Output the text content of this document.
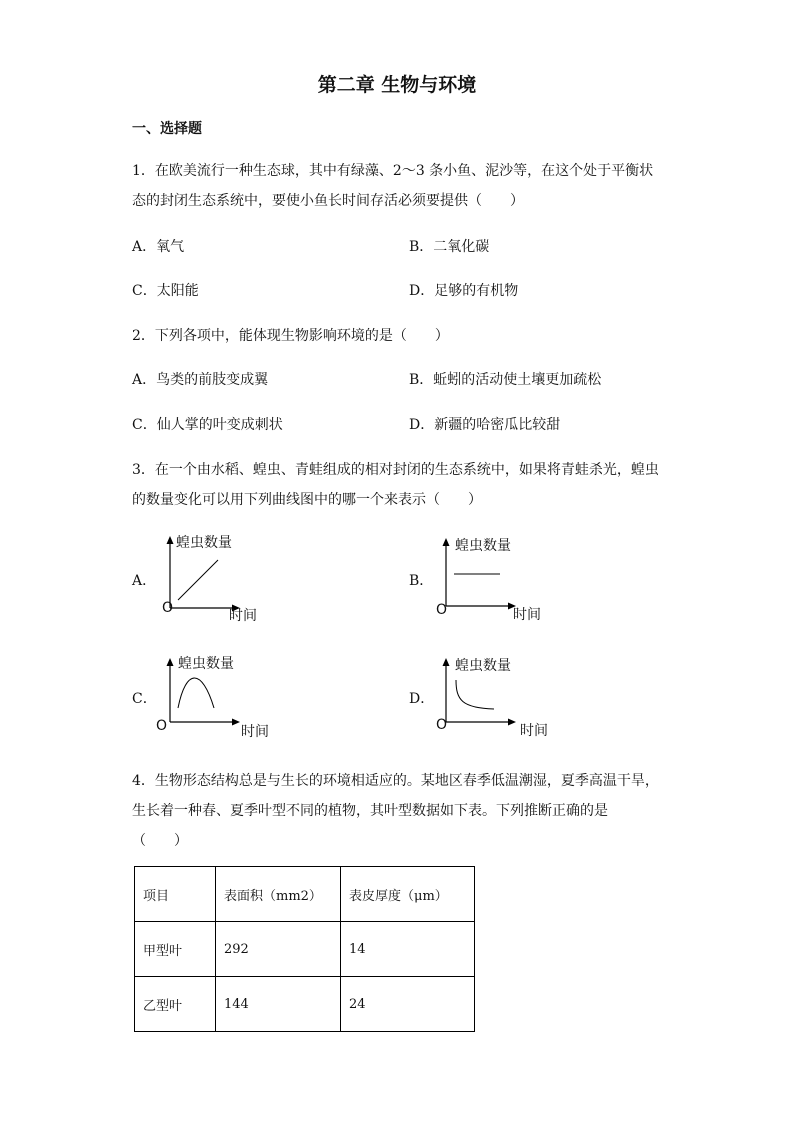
第二章 生物与环境
一、选择题
1．在欧美流行一种生态球，其中有绿藻、2～3 条小鱼、泥沙等，在这个处于平衡状
态的封闭生态系统中，要使小鱼长时间存活必须要提供（　　）
A．氧气	B．二氧化碳
C．太阳能	D．足够的有机物
2．下列各项中，能体现生物影响环境的是（　　）
A．鸟类的前肢变成翼	B．蚯蚓的活动使土壤更加疏松
C．仙人掌的叶变成刺状	D．新疆的哈密瓜比较甜
3．在一个由水稻、蝗虫、青蛙组成的相对封闭的生态系统中，如果将青蛙杀光，蝗虫
的数量变化可以用下列曲线图中的哪一个来表示（　　）
A．
蝗虫数量
时间
O
B．
蝗虫数量
时间
O
C．
蝗虫数量
时间
O
D．
蝗虫数量
时间
O
4．生物形态结构总是与生长的环境相适应的。某地区春季低温潮湿，夏季高温干旱，
生长着一种春、夏季叶型不同的植物，其叶型数据如下表。下列推断正确的是
（　　）
项目	表面积（mm2）	表皮厚度（μm）
甲型叶	292	14
乙型叶	144	24
